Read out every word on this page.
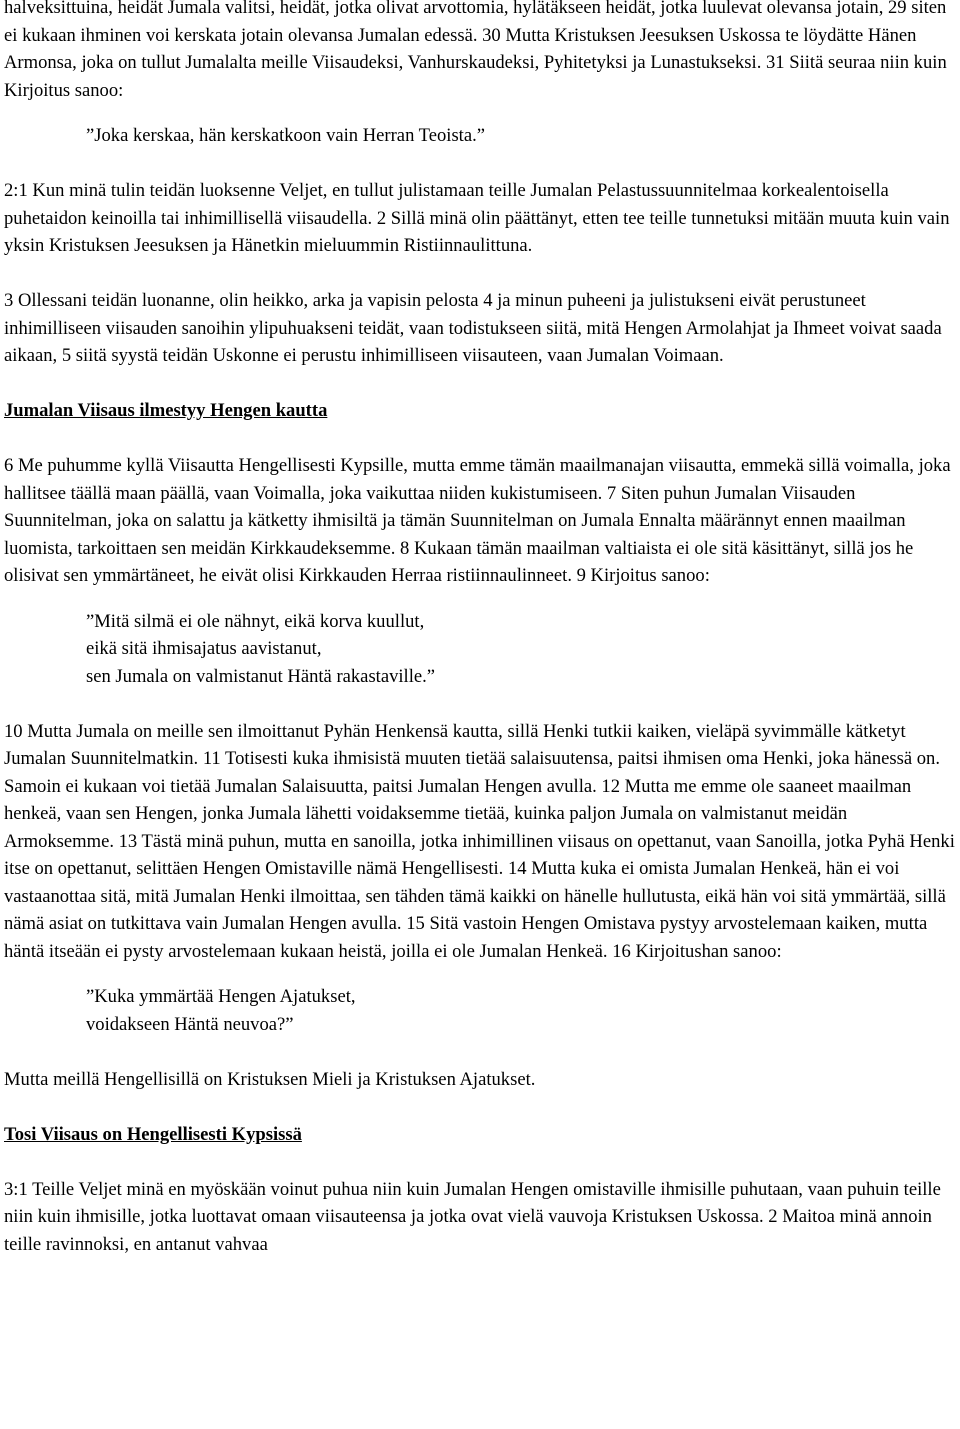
halveksittuina, heidät Jumala valitsi, heidät, jotka olivat arvottomia, hylätäkseen heidät, jotka luulevat olevansa jotain, 29 siten ei kukaan ihminen voi kerskata jotain olevansa Jumalan edessä. 30 Mutta Kristuksen Jeesuksen Uskossa te löydätte Hänen Armonsa, joka on tullut Jumalalta meille Viisaudeksi, Vanhurskaudeksi, Pyhitetyksi ja Lunastukseksi. 31 Siitä seuraa niin kuin Kirjoitus sanoo:

”Joka kerskaa, hän kerskatkoon vain Herran Teoista.”

2:1 Kun minä tulin teidän luoksenne Veljet, en tullut julistamaan teille Jumalan Pelastussuunnitelmaa korkealentoisella puhetaidon keinoilla tai inhimillisellä viisaudella. 2 Sillä minä olin päättänyt, etten tee teille tunnetuksi mitään muuta kuin vain yksin Kristuksen Jeesuksen ja Hänetkin mieluummin Ristiinnaulittuna.

3 Ollessani teidän luonanne, olin heikko, arka ja vapisin pelosta 4 ja minun puheeni ja julistukseni eivät perustuneet inhimilliseen viisauden sanoihin ylipuhuakseni teidät, vaan todistukseen siitä, mitä Hengen Armolahjat ja Ihmeet voivat saada aikaan, 5 siitä syystä teidän Uskonne ei perustu inhimilliseen viisauteen, vaan Jumalan Voimaan.

Jumalan Viisaus ilmestyy Hengen kautta

6 Me puhumme kyllä Viisautta Hengellisesti Kypsille, mutta emme tämän maailmanajan viisautta, emmekä sillä voimalla, joka hallitsee täällä maan päällä, vaan Voimalla, joka vaikuttaa niiden kukistumiseen. 7 Siten puhun Jumalan Viisauden Suunnitelman, joka on salattu ja kätketty ihmisiltä ja tämän Suunnitelman on Jumala Ennalta määrännyt ennen maailman luomista, tarkoittaen sen meidän Kirkkaudeksemme. 8 Kukaan tämän maailman valtiaista ei ole sitä käsittänyt, sillä jos he olisivat sen ymmärtäneet, he eivät olisi Kirkkauden Herraa ristiinnaulinneet. 9 Kirjoitus sanoo:

”Mitä silmä ei ole nähnyt, eikä korva kuullut,
eikä sitä ihmisajatus aavistanut,
sen Jumala on valmistanut Häntä rakastaville.”

10 Mutta Jumala on meille sen ilmoittanut Pyhän Henkensä kautta, sillä Henki tutkii kaiken, vieläpä syvimmälle kätketyt Jumalan Suunnitelmatkin. 11 Totisesti kuka ihmisistä muuten tietää salaisuutensa, paitsi ihmisen oma Henki, joka hänessä on. Samoin ei kukaan voi tietää Jumalan Salaisuutta, paitsi Jumalan Hengen avulla. 12 Mutta me emme ole saaneet maailman henkeä, vaan sen Hengen, jonka Jumala lähetti voidaksemme tietää, kuinka paljon Jumala on valmistanut meidän Armoksemme. 13 Tästä minä puhun, mutta en sanoilla, jotka inhimillinen viisaus on opettanut, vaan Sanoilla, jotka Pyhä Henki itse on opettanut, selittäen Hengen Omistaville nämä Hengellisesti. 14 Mutta kuka ei omista Jumalan Henkeä, hän ei voi vastaanottaa sitä, mitä Jumalan Henki ilmoittaa, sen tähden tämä kaikki on hänelle hullutusta, eikä hän voi sitä ymmärtää, sillä nämä asiat on tutkittava vain Jumalan Hengen avulla. 15 Sitä vastoin Hengen Omistava pystyy arvostelemaan kaiken, mutta häntä itseään ei pysty arvostelemaan kukaan heistä, joilla ei ole Jumalan Henkeä. 16 Kirjoitushan sanoo:

”Kuka ymmärtää Hengen Ajatukset,
voidakseen Häntä neuvoa?”

Mutta meillä Hengellisillä on Kristuksen Mieli ja Kristuksen Ajatukset.

Tosi Viisaus on Hengellisesti Kypsissä

3:1 Teille Veljet minä en myöskään voinut puhua niin kuin Jumalan Hengen omistaville ihmisille puhutaan, vaan puhuin teille niin kuin ihmisille, jotka luottavat omaan viisauteensa ja jotka ovat vielä vauvoja Kristuksen Uskossa. 2 Maitoa minä annoin teille ravinnoksi, en antanut vahvaa
